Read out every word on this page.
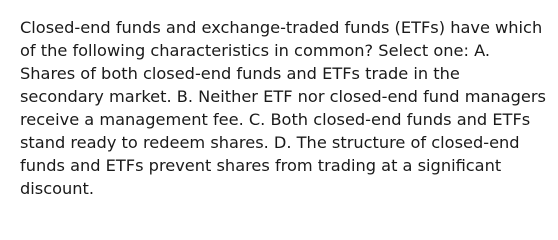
Closed-end funds and exchange-traded funds (ETFs) have which of the following characteristics in common? Select one: A. Shares of both closed-end funds and ETFs trade in the secondary market. B. Neither ETF nor closed-end fund managers receive a management fee. C. Both closed-end funds and ETFs stand ready to redeem shares. D. The structure of closed-end funds and ETFs prevent shares from trading at a significant discount.
